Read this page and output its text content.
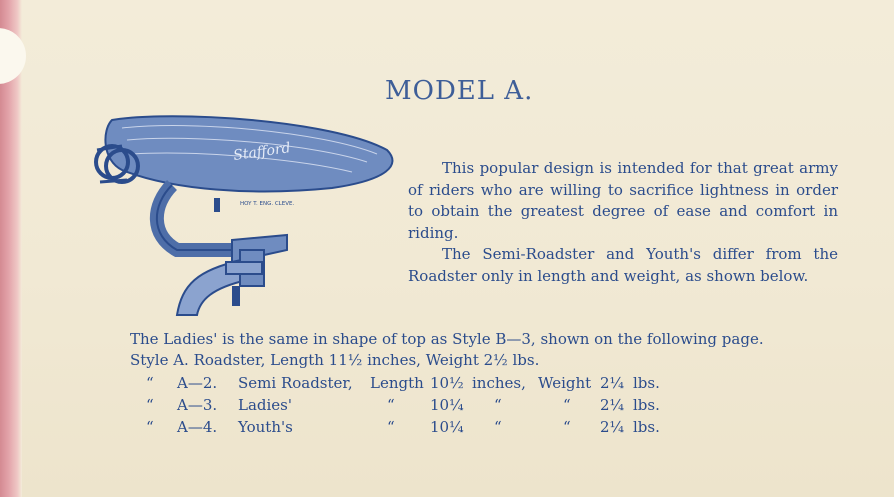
MODEL A.
Stafford
HOY T. ENG. CLEVE.

This popular design is intended for that great army of riders who are willing to sacrifice lightness in order to obtain the greatest degree of ease and comfort in riding.

The Semi-Roadster and Youth's differ from the Roadster only in length and weight, as shown below.

The Ladies' is the same in shape of top as Style B—3, shown on the following page.
Style A. Roadster, Length 11½ inches, Weight 2½ lbs.
“ A—2. Semi Roadster, Length 10½ inches, Weight 2¼ lbs.
“ A—3. Ladies'	“ 10¼ “	“ 2¼ lbs.
“ A—4. Youth's	“ 10¼ “	“ 2¼ lbs.
